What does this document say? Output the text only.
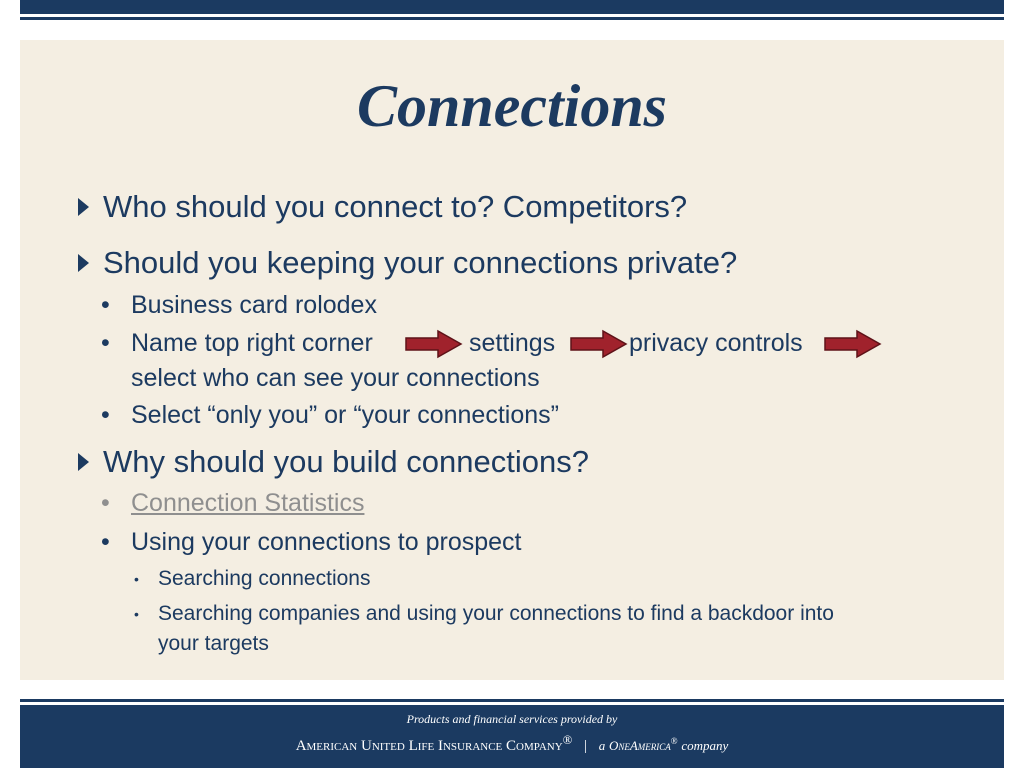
Connections
Who should you connect to? Competitors?
Should you keeping your connections private?
• Business card rolodex
• Name top right corner	settings	privacy controls
select who can see your connections
• Select “only you” or “your connections”
Why should you build connections?
• Connection Statistics
• Using your connections to prospect
• Searching connections
• Searching companies and using your connections to find a backdoor into
your targets
Products and financial services provided by
American United Life Insurance Company® | a OneAmerica® company
